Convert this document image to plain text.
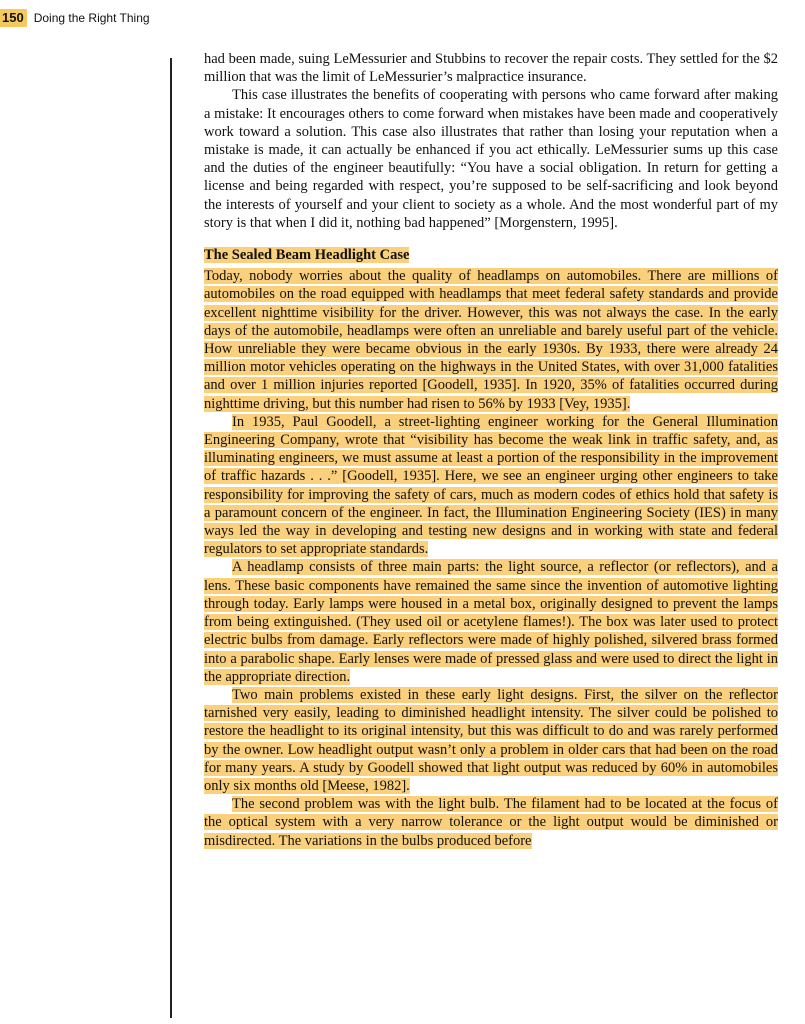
150 Doing the Right Thing

had been made, suing LeMessurier and Stubbins to recover the repair costs. They settled for the $2 million that was the limit of LeMessurier’s malpractice insurance.

This case illustrates the benefits of cooperating with persons who came forward after making a mistake: It encourages others to come forward when mistakes have been made and cooperatively work toward a solution. This case also illustrates that rather than losing your reputation when a mistake is made, it can actually be enhanced if you act ethically. LeMessurier sums up this case and the duties of the engineer beautifully: “You have a social obligation. In return for getting a license and being regarded with respect, you’re supposed to be self-sacrificing and look beyond the interests of yourself and your client to society as a whole. And the most wonderful part of my story is that when I did it, nothing bad happened” [Morgenstern, 1995].

The Sealed Beam Headlight Case

Today, nobody worries about the quality of headlamps on automobiles. There are millions of automobiles on the road equipped with headlamps that meet federal safety standards and provide excellent nighttime visibility for the driver. However, this was not always the case. In the early days of the automobile, headlamps were often an unreliable and barely useful part of the vehicle. How unreliable they were became obvious in the early 1930s. By 1933, there were already 24 million motor vehicles operating on the highways in the United States, with over 31,000 fatalities and over 1 million injuries reported [Goodell, 1935]. In 1920, 35% of fatalities occurred during nighttime driving, but this number had risen to 56% by 1933 [Vey, 1935].

In 1935, Paul Goodell, a street-lighting engineer working for the General Illumination Engineering Company, wrote that “visibility has become the weak link in traffic safety, and, as illuminating engineers, we must assume at least a portion of the responsibility in the improvement of traffic hazards . . .” [Goodell, 1935]. Here, we see an engineer urging other engineers to take responsibility for improving the safety of cars, much as modern codes of ethics hold that safety is a paramount concern of the engineer. In fact, the Illumination Engineering Society (IES) in many ways led the way in developing and testing new designs and in working with state and federal regulators to set appropriate standards.

A headlamp consists of three main parts: the light source, a reflector (or reflectors), and a lens. These basic components have remained the same since the invention of automotive lighting through today. Early lamps were housed in a metal box, originally designed to prevent the lamps from being extinguished. (They used oil or acetylene flames!). The box was later used to protect electric bulbs from damage. Early reflectors were made of highly polished, silvered brass formed into a parabolic shape. Early lenses were made of pressed glass and were used to direct the light in the appropriate direction.

Two main problems existed in these early light designs. First, the silver on the reflector tarnished very easily, leading to diminished headlight intensity. The silver could be polished to restore the headlight to its original intensity, but this was difficult to do and was rarely performed by the owner. Low headlight output wasn’t only a problem in older cars that had been on the road for many years. A study by Goodell showed that light output was reduced by 60% in automobiles only six months old [Meese, 1982].

The second problem was with the light bulb. The filament had to be located at the focus of the optical system with a very narrow tolerance or the light output would be diminished or misdirected. The variations in the bulbs produced before
